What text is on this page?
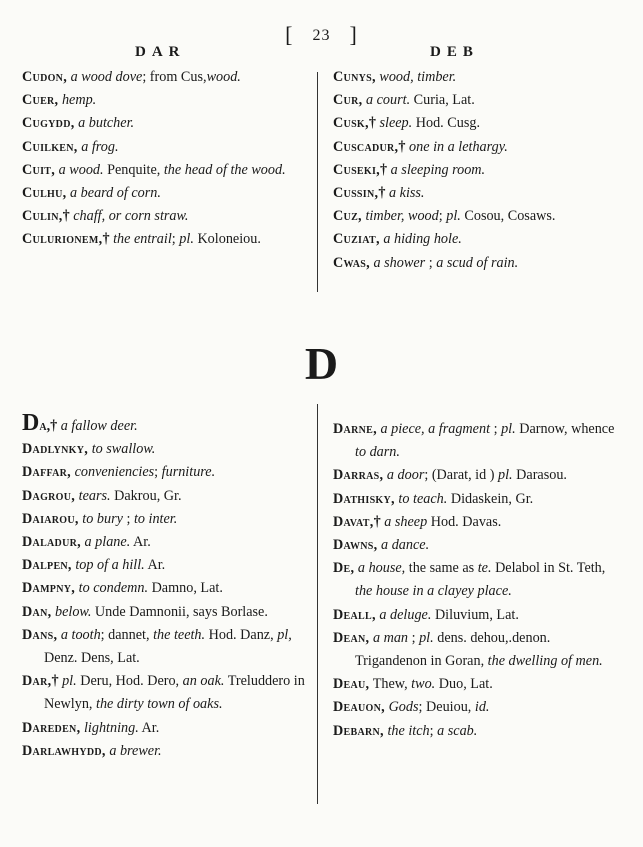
[ 23 ]
DAR	DEB
Cudon, a wood dove; from Cus,wood.
Cuer, hemp.
Cugydd, a butcher.
Cuilken, a frog.
Cuit, a wood. Penquite, the head of the wood.
Culhu, a beard of corn.
Culin,† chaff, or corn straw.
Culurionem,† the entrail; pl. Koloneiou.
Cunys, wood, timber.
Cur, a court. Curia, Lat.
Cusk,† sleep. Hod. Cusg.
Cuscadur,† one in a lethargy.
Cuseki,† a sleeping room.
Cussin,† a kiss.
Cuz, timber, wood; pl. Cosou, Cosaws.
Cuziat, a hiding hole.
Cwas, a shower ; a scud of rain.
D
Da,† a fallow deer.
Dadlynky, to swallow.
Daffar, conveniencies; furniture.
Dagrou, tears. Dakrou, Gr.
Daiarou, to bury ; to inter.
Daladur, a plane. Ar.
Dalpen, top of a hill. Ar.
Dampny, to condemn. Damno, Lat.
Dan, below. Unde Damnonii, says Borlase.
Dans, a tooth; dannet, the teeth. Hod. Danz, pl, Denz. Dens, Lat.
Dar,† pl. Deru, Hod. Dero, an oak. Treluddero in Newlyn, the dirty town of oaks.
Dareden, lightning. Ar.
Darlawhydd, a brewer.
Darne, a piece, a fragment ; pl. Darnow, whence to darn.
Darras, a door; (Darat, id ) pl. Darasou.
Dathisky, to teach. Didaskein, Gr.
Davat,† a sheep Hod. Davas.
Dawns, a dance.
De, a house, the same as te. Delabol in St. Teth, the house in a clayey place.
Deall, a deluge. Diluvium, Lat.
Dean, a man ; pl. dens. dehou,.denon. Trigandenon in Goran, the dwelling of men.
Deau, Thew, two. Duo, Lat.
Deauon, Gods; Deuiou, id.
Debarn, the itch; a scab.
